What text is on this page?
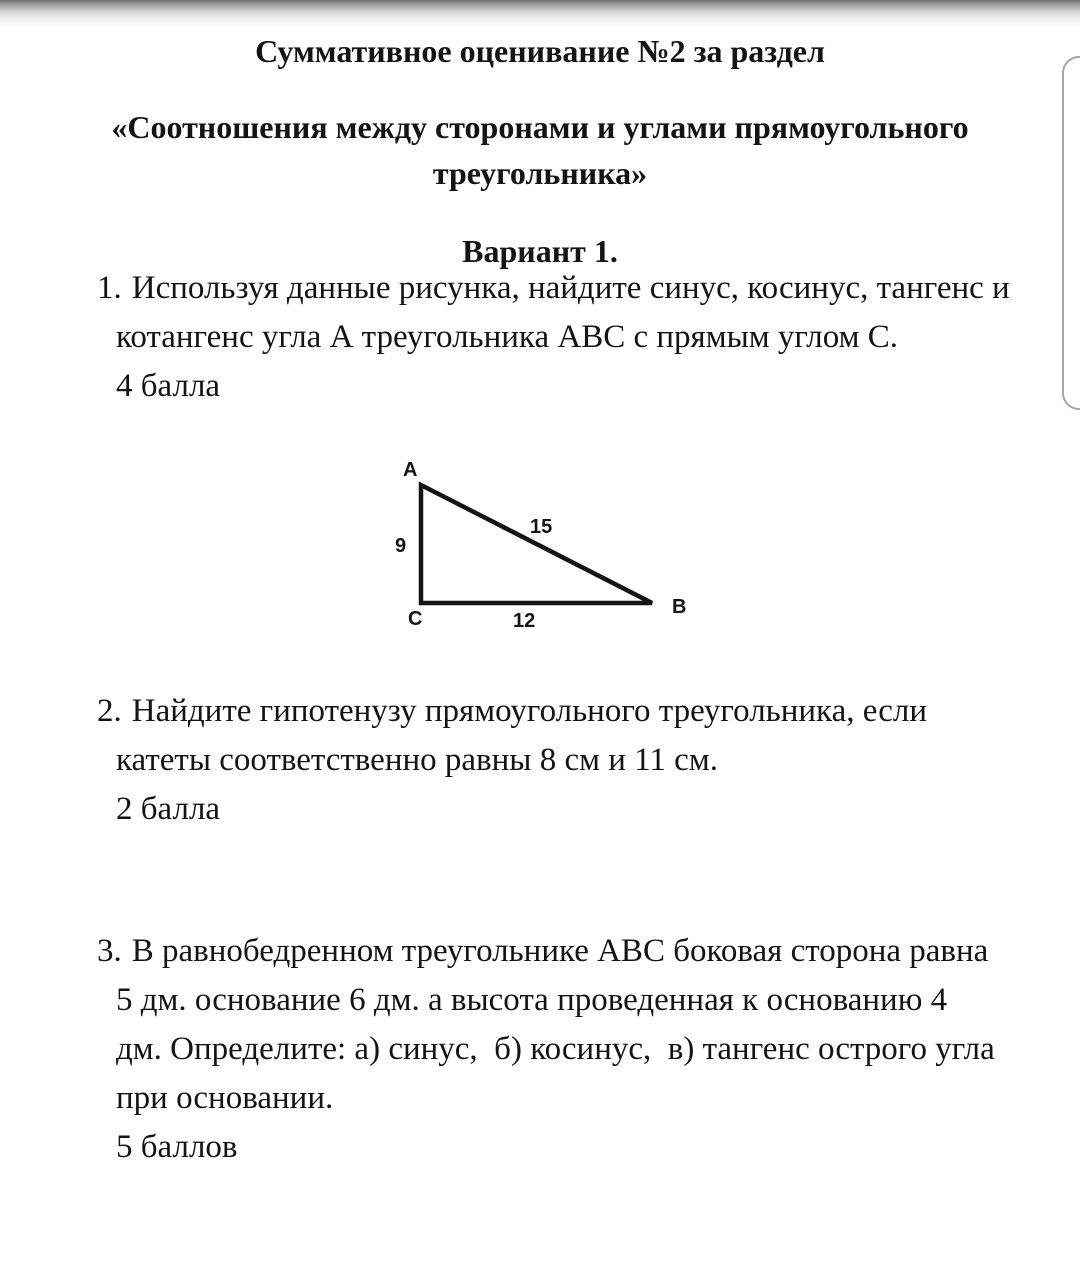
Суммативное оценивание №2 за раздел
«Соотношения между сторонами и углами прямоугольного
треугольника»
Вариант 1.
1. Используя данные рисунка, найдите синус, косинус, тангенс и
котангенс угла А треугольника АВС с прямым углом С.
4 балла
A
B
C
9
15
12
2. Найдите гипотенузу прямоугольного треугольника, если
катеты соответственно равны 8 см и 11 см.
2 балла
3. В равнобедренном треугольнике АВС боковая сторона равна
5 дм. основание 6 дм. а высота проведенная к основанию 4
дм. Определите: а) синус,  б) косинус,  в) тангенс острого угла
при основании.
5 баллов
